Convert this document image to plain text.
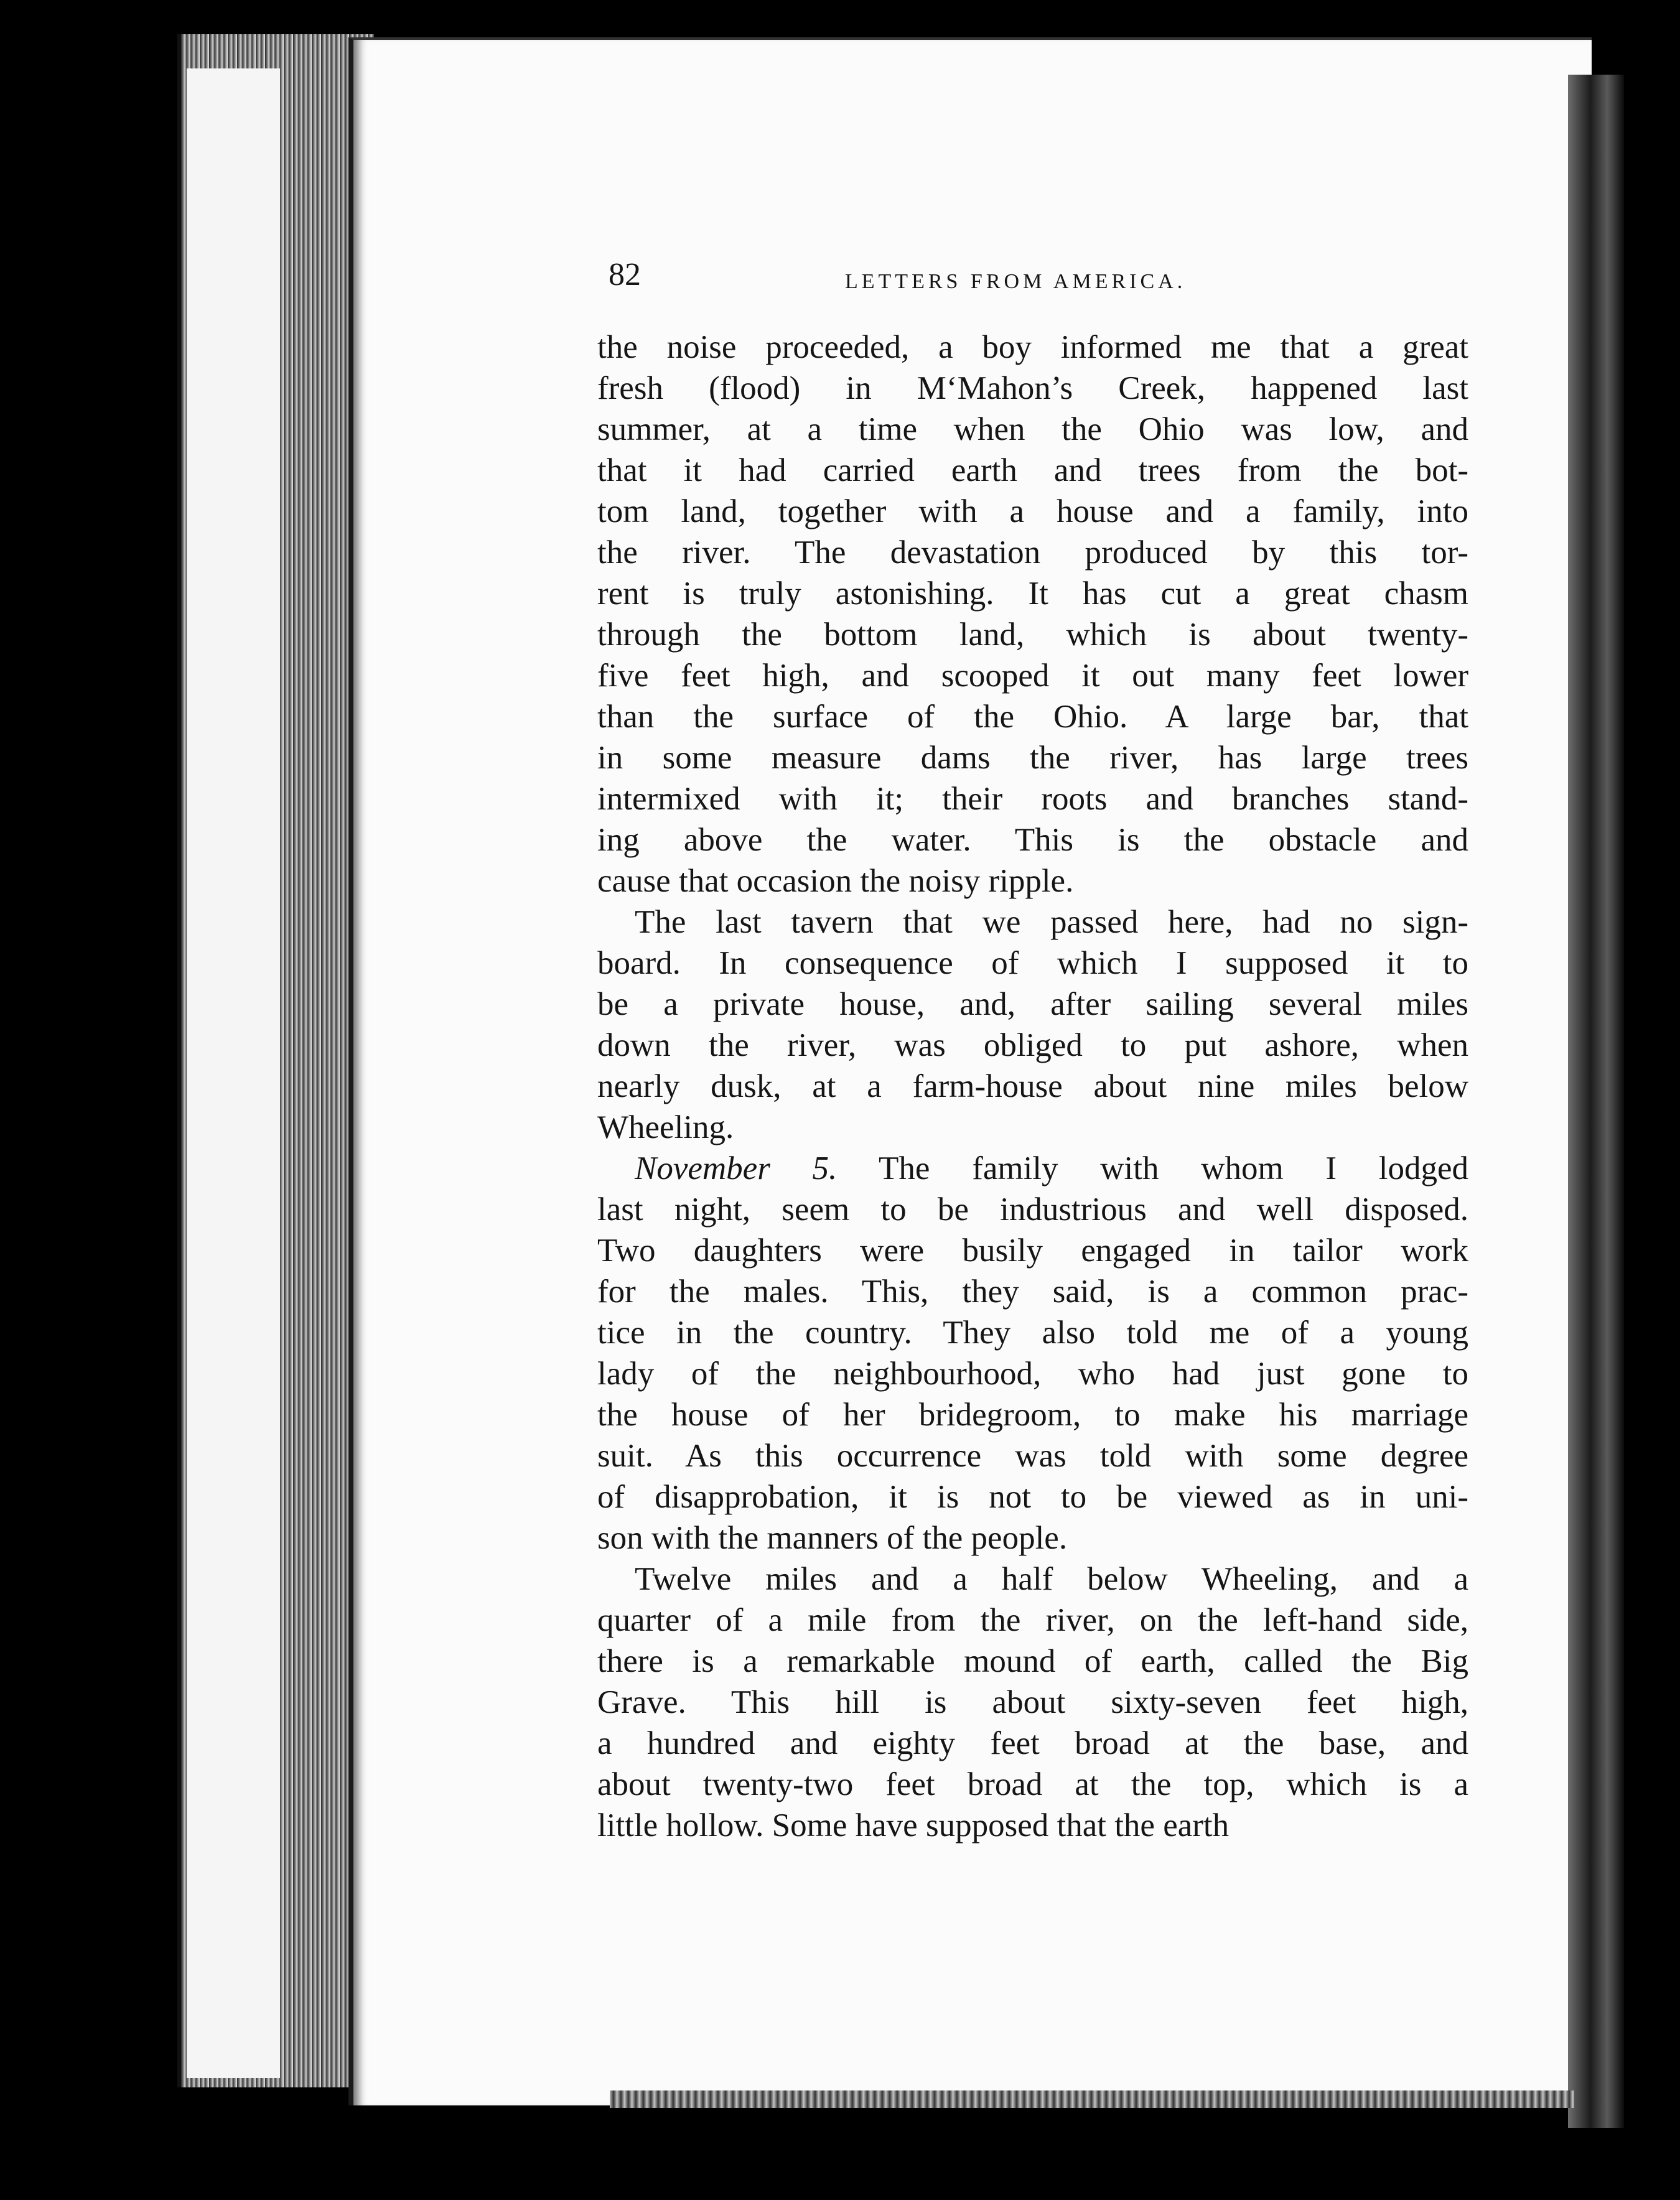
82	LETTERS FROM AMERICA.
the noise proceeded, a boy informed me that a great
fresh (flood) in M‘Mahon’s Creek, happened last
summer, at a time when the Ohio was low, and
that it had carried earth and trees from the bot-
tom land, together with a house and a family, into
the river. The devastation produced by this tor-
rent is truly astonishing. It has cut a great chasm
through the bottom land, which is about twenty-
five feet high, and scooped it out many feet lower
than the surface of the Ohio. A large bar, that
in some measure dams the river, has large trees
intermixed with it; their roots and branches stand-
ing above the water. This is the obstacle and
cause that occasion the noisy ripple.
The last tavern that we passed here, had no sign-
board. In consequence of which I supposed it to
be a private house, and, after sailing several miles
down the river, was obliged to put ashore, when
nearly dusk, at a farm-house about nine miles below
Wheeling.
November 5. The family with whom I lodged
last night, seem to be industrious and well disposed.
Two daughters were busily engaged in tailor work
for the males. This, they said, is a common prac-
tice in the country. They also told me of a young
lady of the neighbourhood, who had just gone to
the house of her bridegroom, to make his marriage
suit. As this occurrence was told with some degree
of disapprobation, it is not to be viewed as in uni-
son with the manners of the people.
Twelve miles and a half below Wheeling, and a
quarter of a mile from the river, on the left-hand side,
there is a remarkable mound of earth, called the Big
Grave. This hill is about sixty-seven feet high,
a hundred and eighty feet broad at the base, and
about twenty-two feet broad at the top, which is a
little hollow. Some have supposed that the earth
